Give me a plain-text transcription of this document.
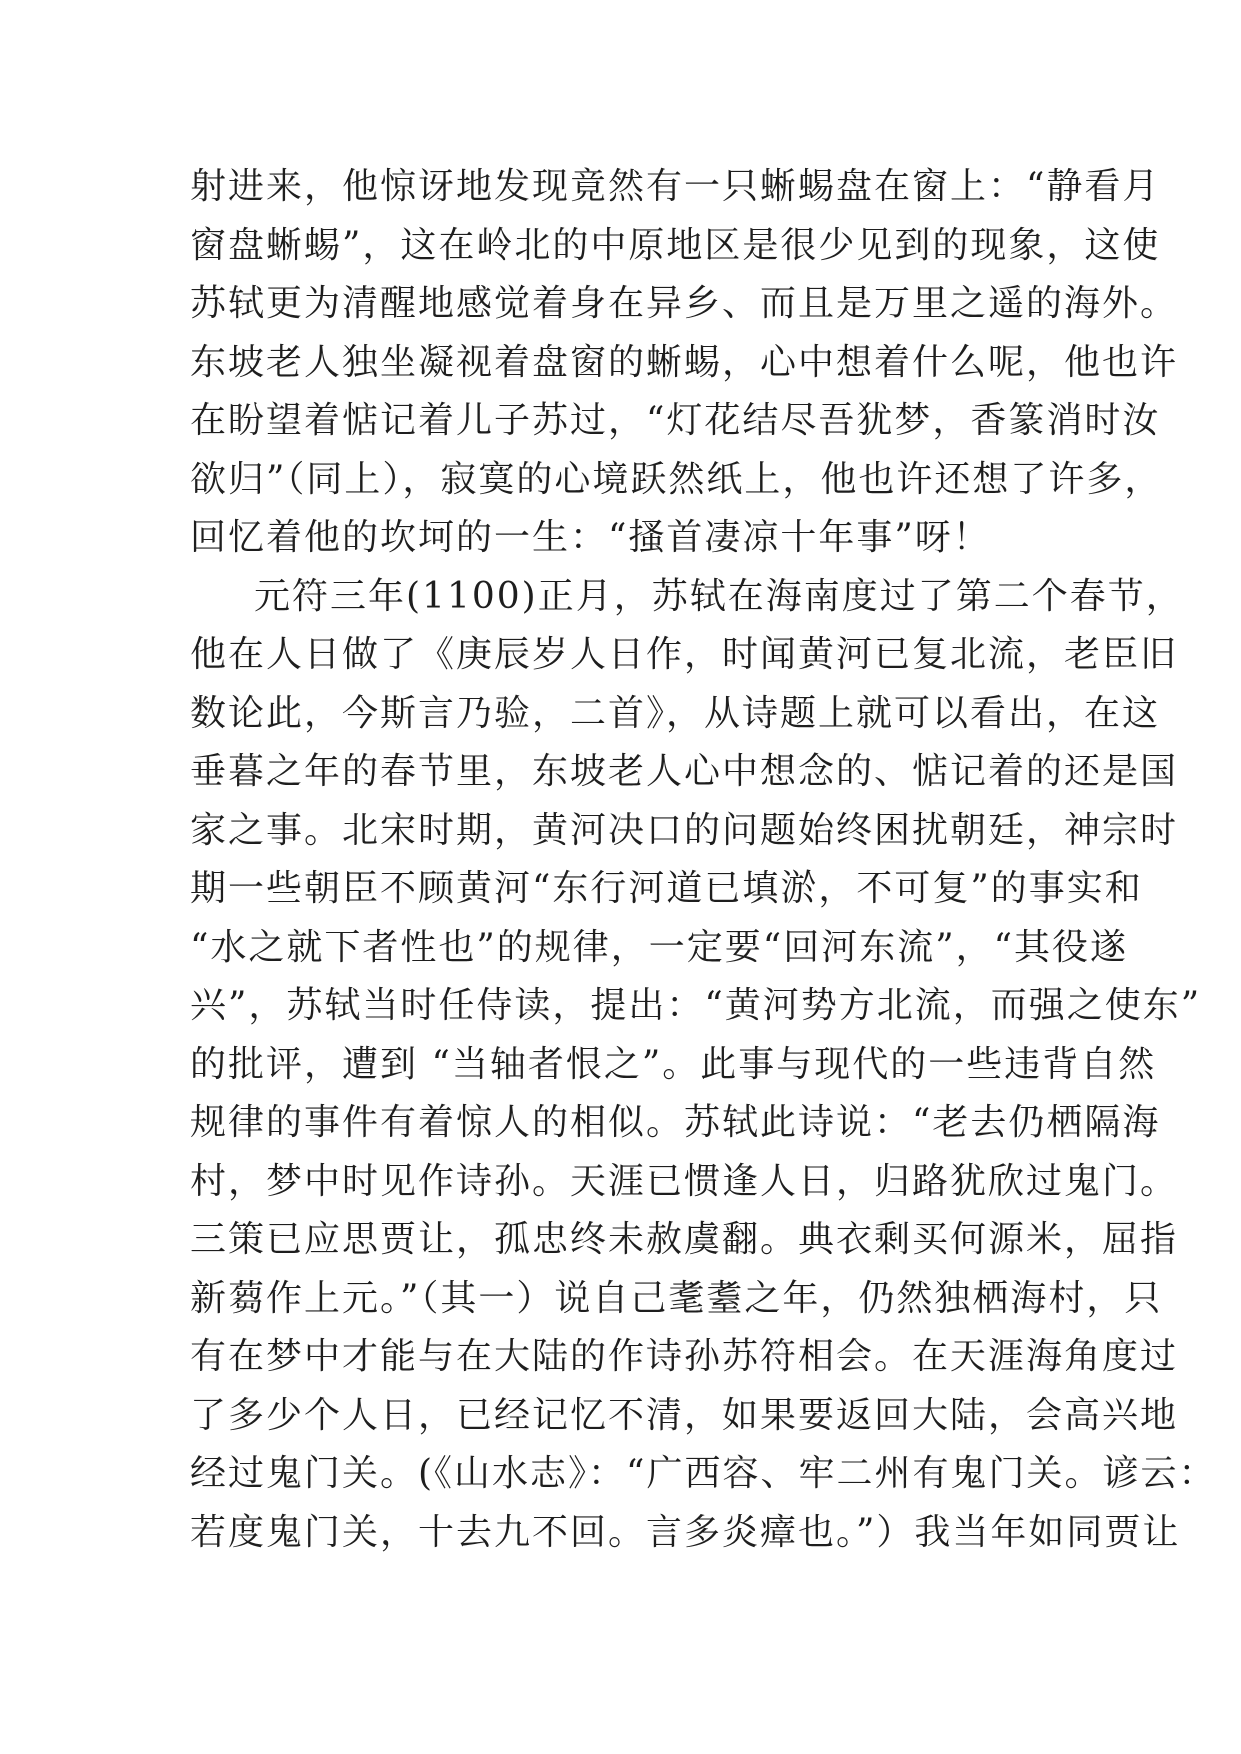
射进来，他惊讶地发现竟然有一只蜥蜴盘在窗上：“静看月
窗盘蜥蜴”，这在岭北的中原地区是很少见到的现象，这使
苏轼更为清醒地感觉着身在异乡、而且是万里之遥的海外。
东坡老人独坐凝视着盘窗的蜥蜴，心中想着什么呢，他也许
在盼望着惦记着儿子苏过，“灯花结尽吾犹梦，香篆消时汝
欲归”（同上），寂寞的心境跃然纸上，他也许还想了许多，
回忆着他的坎坷的一生：“搔首凄凉十年事”呀！
元符三年(1100)正月，苏轼在海南度过了第二个春节，
他在人日做了《庚辰岁人日作，时闻黄河已复北流，老臣旧
数论此，今斯言乃验，二首》，从诗题上就可以看出，在这
垂暮之年的春节里，东坡老人心中想念的、惦记着的还是国
家之事。北宋时期，黄河决口的问题始终困扰朝廷，神宗时
期一些朝臣不顾黄河“东行河道已填淤，不可复”的事实和
“水之就下者性也”的规律，一定要“回河东流”，“其役遂
兴”，苏轼当时任侍读，提出：“黄河势方北流，而强之使东”
的批评，遭到 “当轴者恨之”。此事与现代的一些违背自然
规律的事件有着惊人的相似。苏轼此诗说：“老去仍栖隔海
村，梦中时见作诗孙。天涯已惯逢人日，归路犹欣过鬼门。
三策已应思贾让，孤忠终未赦虞翻。典衣剩买何源米，屈指
新蒭作上元。”（其一）说自己耄耋之年，仍然独栖海村，只
有在梦中才能与在大陆的作诗孙苏符相会。在天涯海角度过
了多少个人日，已经记忆不清，如果要返回大陆，会高兴地
经过鬼门关。(《山水志》：“广西容、牢二州有鬼门关。谚云：
若度鬼门关，十去九不回。言多炎瘴也。”）我当年如同贾让
